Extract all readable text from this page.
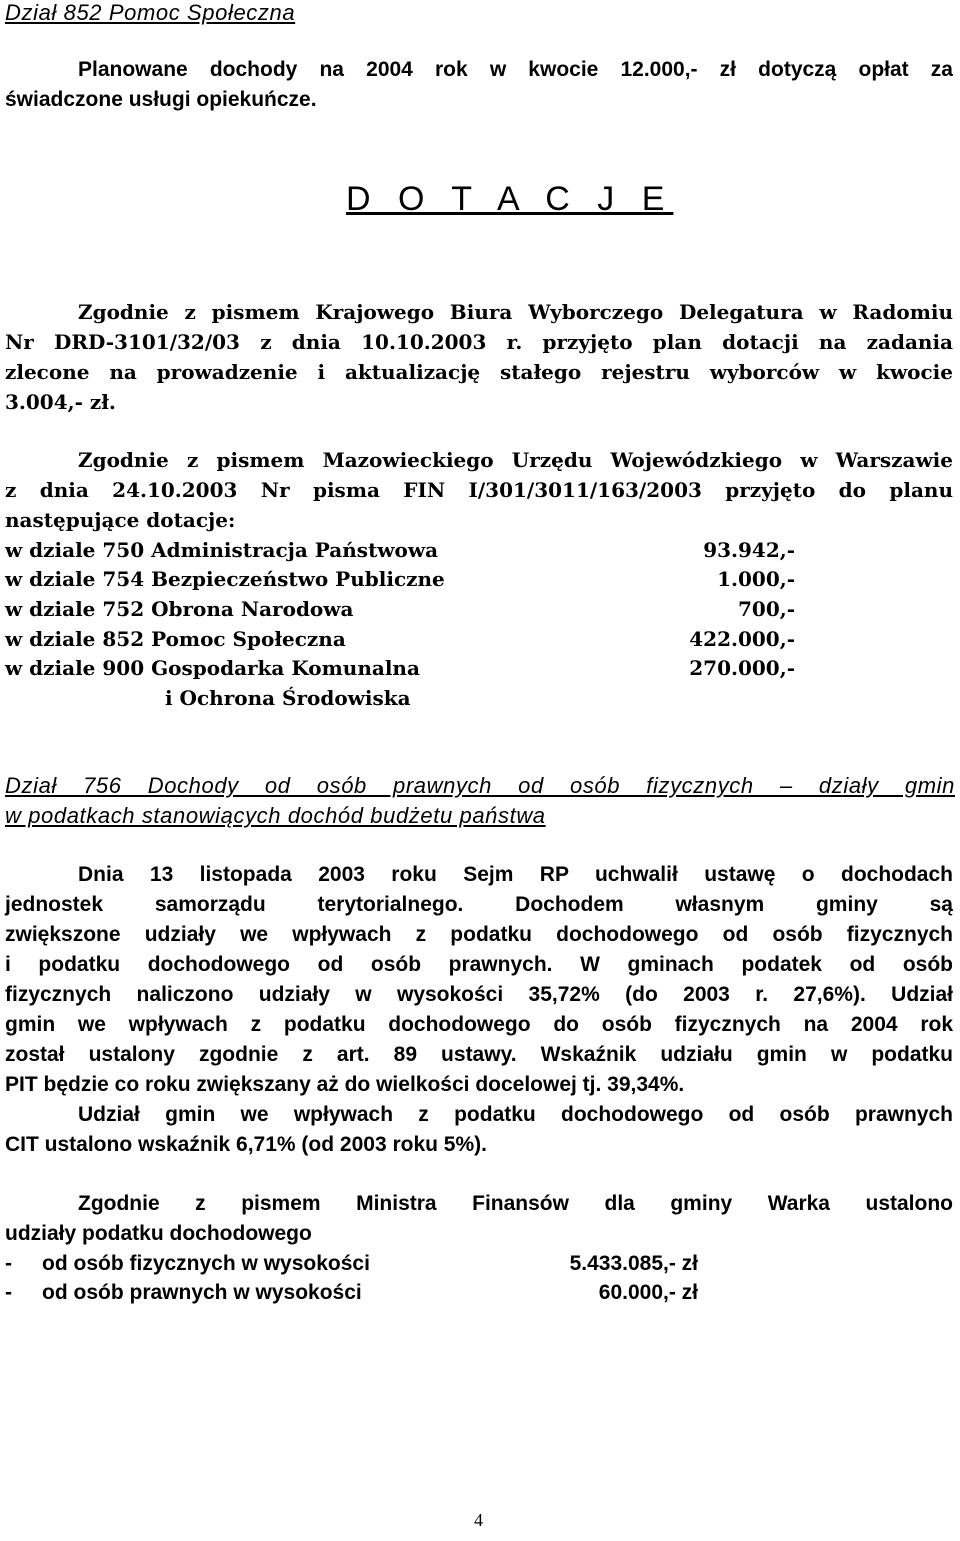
Dział 852 Pomoc Społeczna
Planowane dochody na 2004 rok w kwocie 12.000,- zł dotyczą opłat za
świadczone usługi opiekuńcze.
D O T A C J E
Zgodnie z pismem Krajowego Biura Wyborczego Delegatura w Radomiu
Nr DRD-3101/32/03 z dnia 10.10.2003 r. przyjęto plan dotacji na zadania
zlecone na prowadzenie i aktualizację stałego rejestru wyborców w kwocie
3.004,- zł.
Zgodnie z pismem Mazowieckiego Urzędu Wojewódzkiego w Warszawie
z dnia 24.10.2003 Nr pisma FIN I/301/3011/163/2003 przyjęto do planu
następujące dotacje:
w dziale 750 Administracja Państwowa	93.942,-
w dziale 754 Bezpieczeństwo Publiczne	1.000,-
w dziale 752 Obrona Narodowa	700,-
w dziale 852 Pomoc Społeczna	422.000,-
w dziale 900 Gospodarka Komunalna	270.000,-
i Ochrona Środowiska
Dział 756 Dochody od osób prawnych od osób fizycznych – działy gmin
w podatkach stanowiących dochód budżetu państwa
Dnia 13 listopada 2003 roku Sejm RP uchwalił ustawę o dochodach
jednostek samorządu terytorialnego. Dochodem własnym gminy są
zwiększone udziały we wpływach z podatku dochodowego od osób fizycznych
i podatku dochodowego od osób prawnych. W gminach podatek od osób
fizycznych naliczono udziały w wysokości 35,72% (do 2003 r. 27,6%). Udział
gmin we wpływach z podatku dochodowego do osób fizycznych na 2004 rok
został ustalony zgodnie z art. 89 ustawy. Wskaźnik udziału gmin w podatku
PIT będzie co roku zwiększany aż do wielkości docelowej tj. 39,34%.
Udział gmin we wpływach z podatku dochodowego od osób prawnych
CIT ustalono wskaźnik 6,71% (od 2003 roku 5%).
Zgodnie z pismem Ministra Finansów dla gminy Warka ustalono
udziały podatku dochodowego
- od osób fizycznych w wysokości	5.433.085,- zł
- od osób prawnych w wysokości	60.000,- zł
4
